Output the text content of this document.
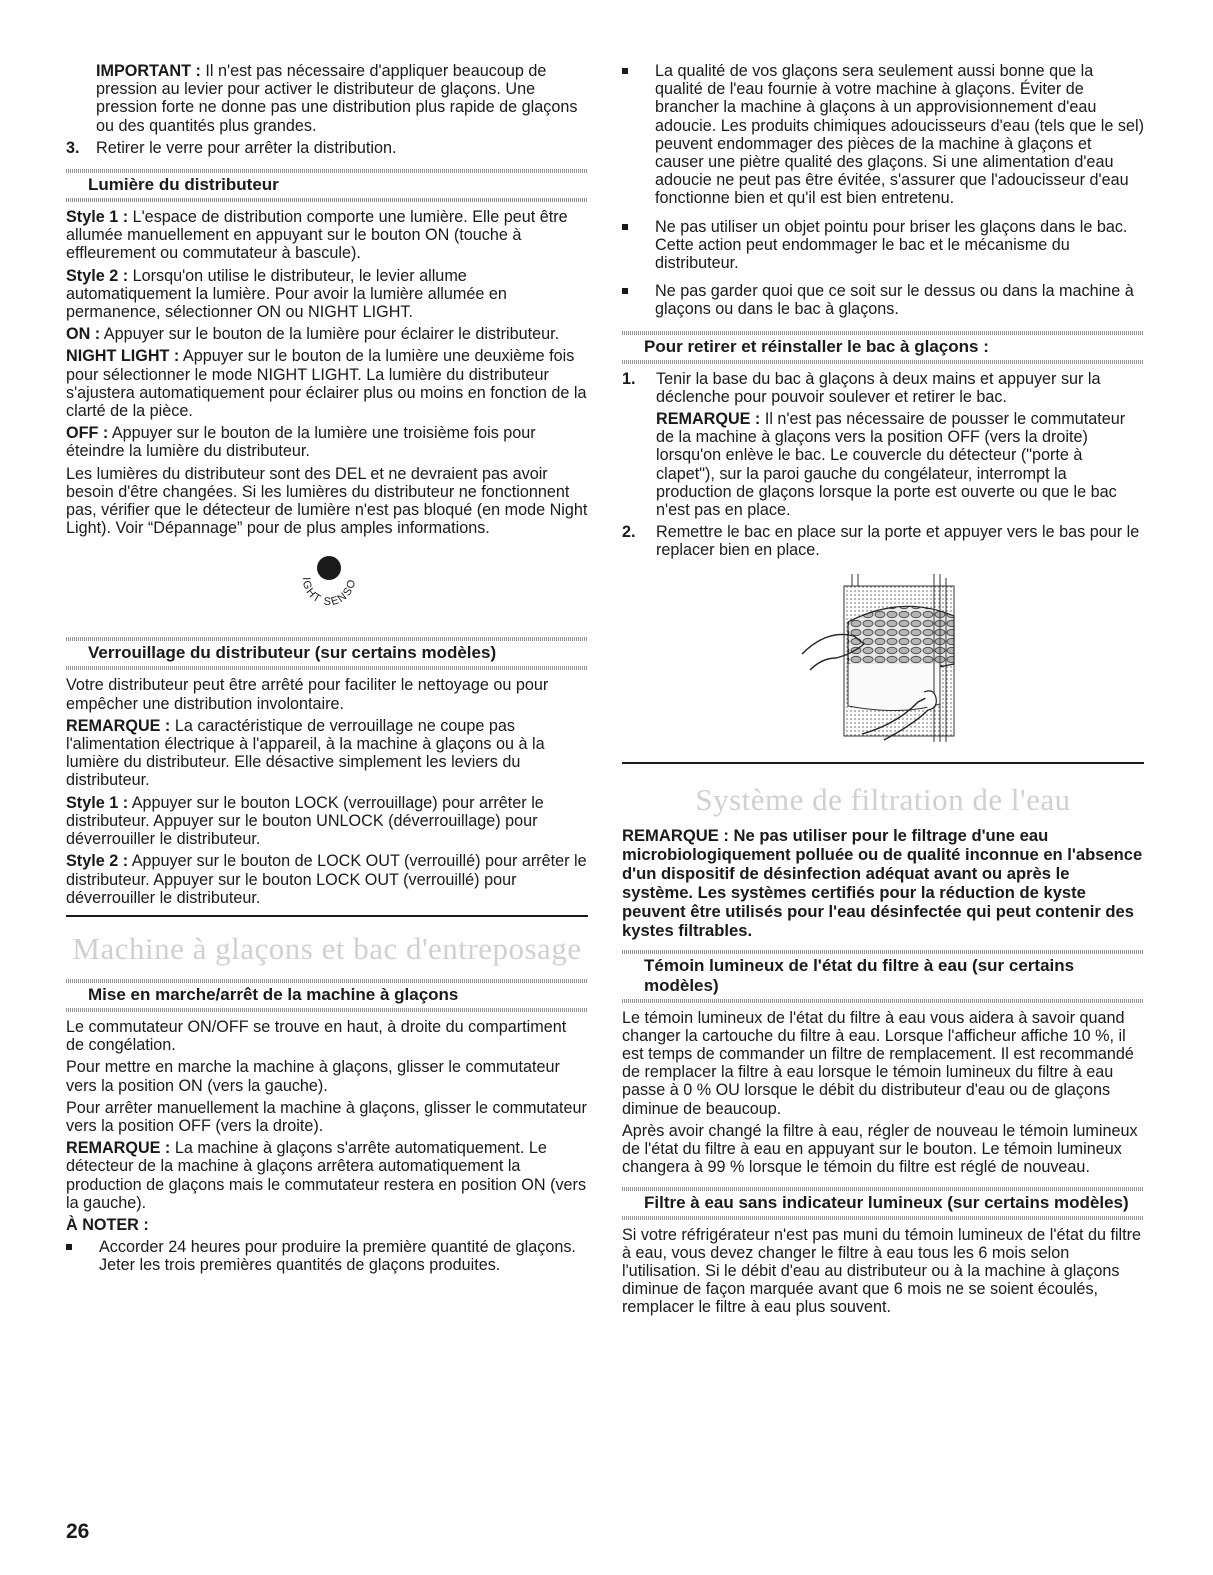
IMPORTANT : Il n'est pas nécessaire d'appliquer beaucoup de pression au levier pour activer le distributeur de glaçons. Une pression forte ne donne pas une distribution plus rapide de glaçons ou des quantités plus grandes.

3.	Retirer le verre pour arrêter la distribution.
Lumière du distributeur

Style 1 : L'espace de distribution comporte une lumière. Elle peut être allumée manuellement en appuyant sur le bouton ON (touche à effleurement ou commutateur à bascule).

Style 2 : Lorsqu'on utilise le distributeur, le levier allume automatiquement la lumière. Pour avoir la lumière allumée en permanence, sélectionner ON ou NIGHT LIGHT.

ON : Appuyer sur le bouton de la lumière pour éclairer le distributeur.

NIGHT LIGHT : Appuyer sur le bouton de la lumière une deuxième fois pour sélectionner le mode NIGHT LIGHT. La lumière du distributeur s'ajustera automatiquement pour éclairer plus ou moins en fonction de la clarté de la pièce.

OFF : Appuyer sur le bouton de la lumière une troisième fois pour éteindre la lumière du distributeur.

Les lumières du distributeur sont des DEL et ne devraient pas avoir besoin d'être changées. Si les lumières du distributeur ne fonctionnent pas, vérifier que le détecteur de lumière n'est pas bloqué (en mode Night Light). Voir “Dépannage” pour de plus amples informations.

IGHT SENSO
Verrouillage du distributeur (sur certains modèles)

Votre distributeur peut être arrêté pour faciliter le nettoyage ou pour empêcher une distribution involontaire.

REMARQUE : La caractéristique de verrouillage ne coupe pas l'alimentation électrique à l'appareil, à la machine à glaçons ou à la lumière du distributeur. Elle désactive simplement les leviers du distributeur.

Style 1 : Appuyer sur le bouton LOCK (verrouillage) pour arrêter le distributeur. Appuyer sur le bouton UNLOCK (déverrouillage) pour déverrouiller le distributeur.

Style 2 : Appuyer sur le bouton de LOCK OUT (verrouillé) pour arrêter le distributeur. Appuyer sur le bouton LOCK OUT (verrouillé) pour déverrouiller le distributeur.

Machine à glaçons et bac d'entreposage
Mise en marche/arrêt de la machine à glaçons

Le commutateur ON/OFF se trouve en haut, à droite du compartiment de congélation.

Pour mettre en marche la machine à glaçons, glisser le commutateur vers la position ON (vers la gauche).

Pour arrêter manuellement la machine à glaçons, glisser le commutateur vers la position OFF (vers la droite).

REMARQUE : La machine à glaçons s'arrête automatiquement. Le détecteur de la machine à glaçons arrêtera automatiquement la production de glaçons mais le commutateur restera en position ON (vers la gauche).

À NOTER :

Accorder 24 heures pour produire la première quantité de glaçons. Jeter les trois premières quantités de glaçons produites.
La qualité de vos glaçons sera seulement aussi bonne que la qualité de l'eau fournie à votre machine à glaçons. Éviter de brancher la machine à glaçons à un approvisionnement d'eau adoucie. Les produits chimiques adoucisseurs d'eau (tels que le sel) peuvent endommager des pièces de la machine à glaçons et causer une piètre qualité des glaçons. Si une alimentation d'eau adoucie ne peut pas être évitée, s'assurer que l'adoucisseur d'eau fonctionne bien et qu'il est bien entretenu.
Ne pas utiliser un objet pointu pour briser les glaçons dans le bac. Cette action peut endommager le bac et le mécanisme du distributeur.
Ne pas garder quoi que ce soit sur le dessus ou dans la machine à glaçons ou dans le bac à glaçons.
Pour retirer et réinstaller le bac à glaçons :
1.	Tenir la base du bac à glaçons à deux mains et appuyer sur la déclenche pour pouvoir soulever et retirer le bac.

REMARQUE : Il n'est pas nécessaire de pousser le commutateur de la machine à glaçons vers la position OFF (vers la droite) lorsqu'on enlève le bac. Le couvercle du détecteur ("porte à clapet"), sur la paroi gauche du congélateur, interrompt la production de glaçons lorsque la porte est ouverte ou que le bac n'est pas en place.

2.	Remettre le bac en place sur la porte et appuyer vers le bas pour le replacer bien en place.
Système de filtration de l'eau

REMARQUE : Ne pas utiliser pour le filtrage d'une eau microbiologiquement polluée ou de qualité inconnue en l'absence d'un dispositif de désinfection adéquat avant ou après le système. Les systèmes certifiés pour la réduction de kyste peuvent être utilisés pour l'eau désinfectée qui peut contenir des kystes filtrables.

Témoin lumineux de l'état du filtre à eau (sur certains modèles)

Le témoin lumineux de l'état du filtre à eau vous aidera à savoir quand changer la cartouche du filtre à eau. Lorsque l'afficheur affiche 10 %, il est temps de commander un filtre de remplacement. Il est recommandé de remplacer la filtre à eau lorsque le témoin lumineux du filtre à eau passe à 0 % OU lorsque le débit du distributeur d'eau ou de glaçons diminue de beaucoup.

Après avoir changé la filtre à eau, régler de nouveau le témoin lumineux de l'état du filtre à eau en appuyant sur le bouton. Le témoin lumineux changera à 99 % lorsque le témoin du filtre est réglé de nouveau.

Filtre à eau sans indicateur lumineux (sur certains modèles)

Si votre réfrigérateur n'est pas muni du témoin lumineux de l'état du filtre à eau, vous devez changer le filtre à eau tous les 6 mois selon l'utilisation. Si le débit d'eau au distributeur ou à la machine à glaçons diminue de façon marquée avant que 6 mois ne se soient écoulés, remplacer le filtre à eau plus souvent.

26
